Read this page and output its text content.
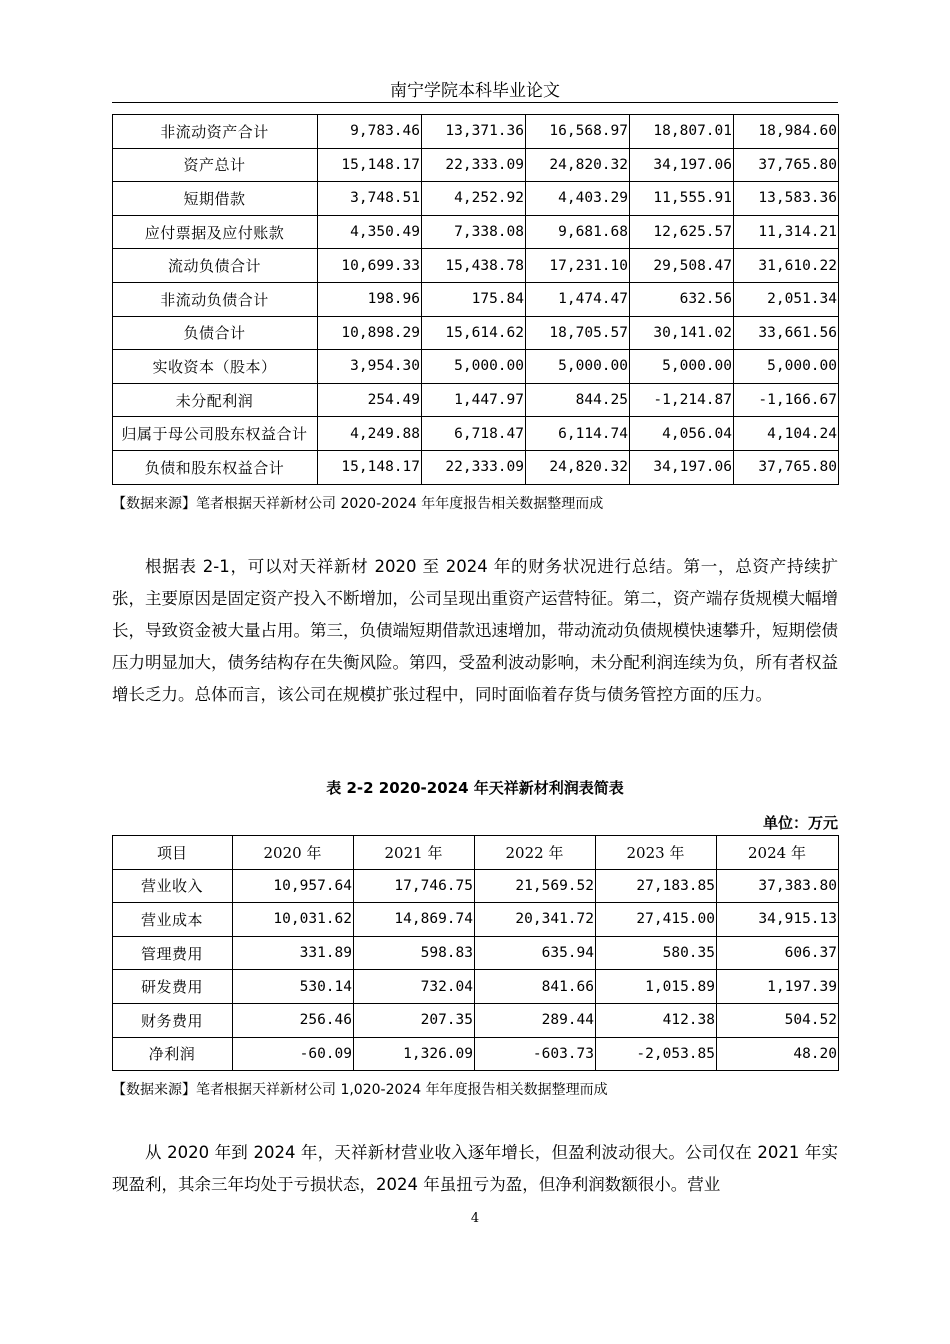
南宁学院本科毕业论文
非流动资产合计	9,783.46	13,371.36	16,568.97	18,807.01	18,984.60
资产总计	15,148.17	22,333.09	24,820.32	34,197.06	37,765.80
短期借款	3,748.51	4,252.92	4,403.29	11,555.91	13,583.36
应付票据及应付账款	4,350.49	7,338.08	9,681.68	12,625.57	11,314.21
流动负债合计	10,699.33	15,438.78	17,231.10	29,508.47	31,610.22
非流动负债合计	198.96	175.84	1,474.47	632.56	2,051.34
负债合计	10,898.29	15,614.62	18,705.57	30,141.02	33,661.56
实收资本（股本）	3,954.30	5,000.00	5,000.00	5,000.00	5,000.00
未分配利润	254.49	1,447.97	844.25	-1,214.87	-1,166.67
归属于母公司股东权益合计	4,249.88	6,718.47	6,114.74	4,056.04	4,104.24
负债和股东权益合计	15,148.17	22,333.09	24,820.32	34,197.06	37,765.80
【数据来源】笔者根据天祥新材公司 2020-2024 年年度报告相关数据整理而成
根据表 2-1，可以对天祥新材 2020 至 2024 年的财务状况进行总结。第一，总资产持续扩张，主要原因是固定资产投入不断增加，公司呈现出重资产运营特征。第二，资产端存货规模大幅增长，导致资金被大量占用。第三，负债端短期借款迅速增加，带动流动负债规模快速攀升，短期偿债压力明显加大，债务结构存在失衡风险。第四，受盈利波动影响，未分配利润连续为负，所有者权益增长乏力。总体而言，该公司在规模扩张过程中，同时面临着存货与债务管控方面的压力。
表 2-2 2020-2024 年天祥新材利润表简表
单位：万元
项目	2020 年	2021 年	2022 年	2023 年	2024 年
营业收入	10,957.64	17,746.75	21,569.52	27,183.85	37,383.80
营业成本	10,031.62	14,869.74	20,341.72	27,415.00	34,915.13
管理费用	331.89	598.83	635.94	580.35	606.37
研发费用	530.14	732.04	841.66	1,015.89	1,197.39
财务费用	256.46	207.35	289.44	412.38	504.52
净利润	-60.09	1,326.09	-603.73	-2,053.85	48.20
【数据来源】笔者根据天祥新材公司 1,020-2024 年年度报告相关数据整理而成
从 2020 年到 2024 年，天祥新材营业收入逐年增长，但盈利波动很大。公司仅在 2021 年实现盈利，其余三年均处于亏损状态，2024 年虽扭亏为盈，但净利润数额很小。营业
4
